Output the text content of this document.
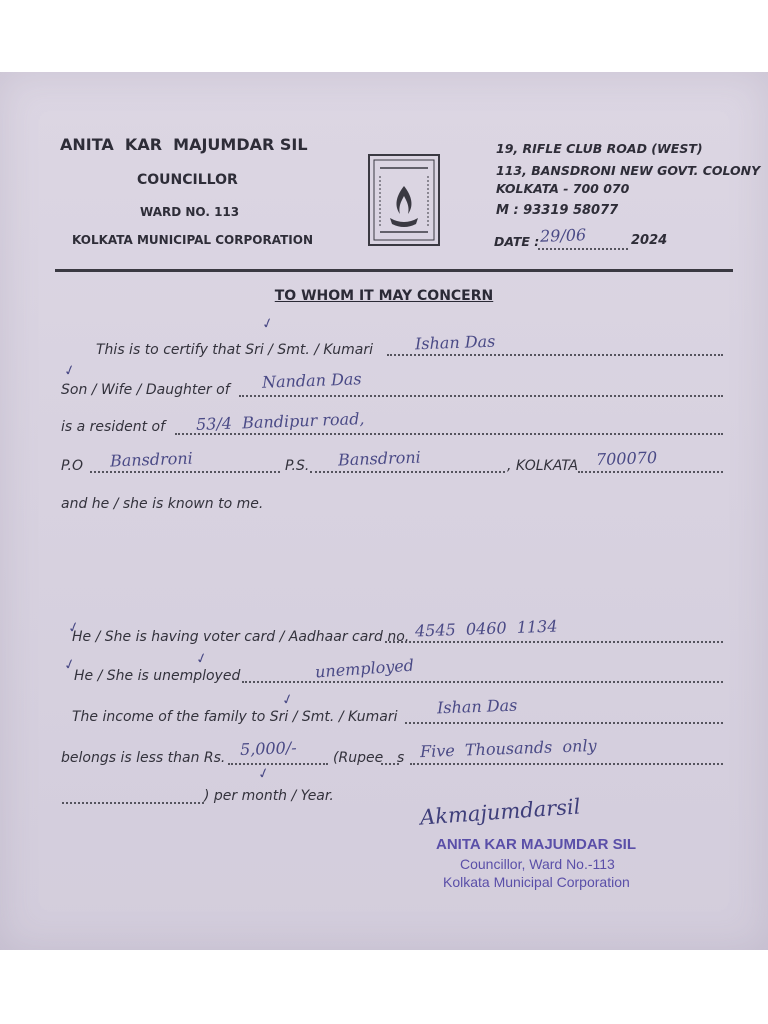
ANITA  KAR  MAJUMDAR SIL
COUNCILLOR
WARD NO. 113
KOLKATA MUNICIPAL CORPORATION
19, RIFLE CLUB ROAD (WEST)
113, BANSDRONI NEW GOVT. COLONY
KOLKATA - 700 070
M : 93319 58077
DATE : 29/06	2024
TO WHOM IT MAY CONCERN
✓
This is to certify that Sri / Smt. / Kumari	Ishan Das
✓
Son / Wife / Daughter of Nandan Das
is a resident of 53/4  Bandipur road,
P.O Bansdroni	P.S. Bansdroni	, KOLKATA 700070
and he / she is known to me.
✓
He / She is having voter card / Aadhaar card no. 4545  0460  1134
✓	✓
He / She is unemployed	unemployed
✓
The income of the family to Sri / Smt. / Kumari Ishan Das
belongs is less than Rs. 5,000/-	(Rupee s Five  Thousands  only
✓
) per month / Year.	Akmajumdarsil
ANITA KAR MAJUMDAR SIL
Councillor, Ward No.-113
Kolkata Municipal Corporation
